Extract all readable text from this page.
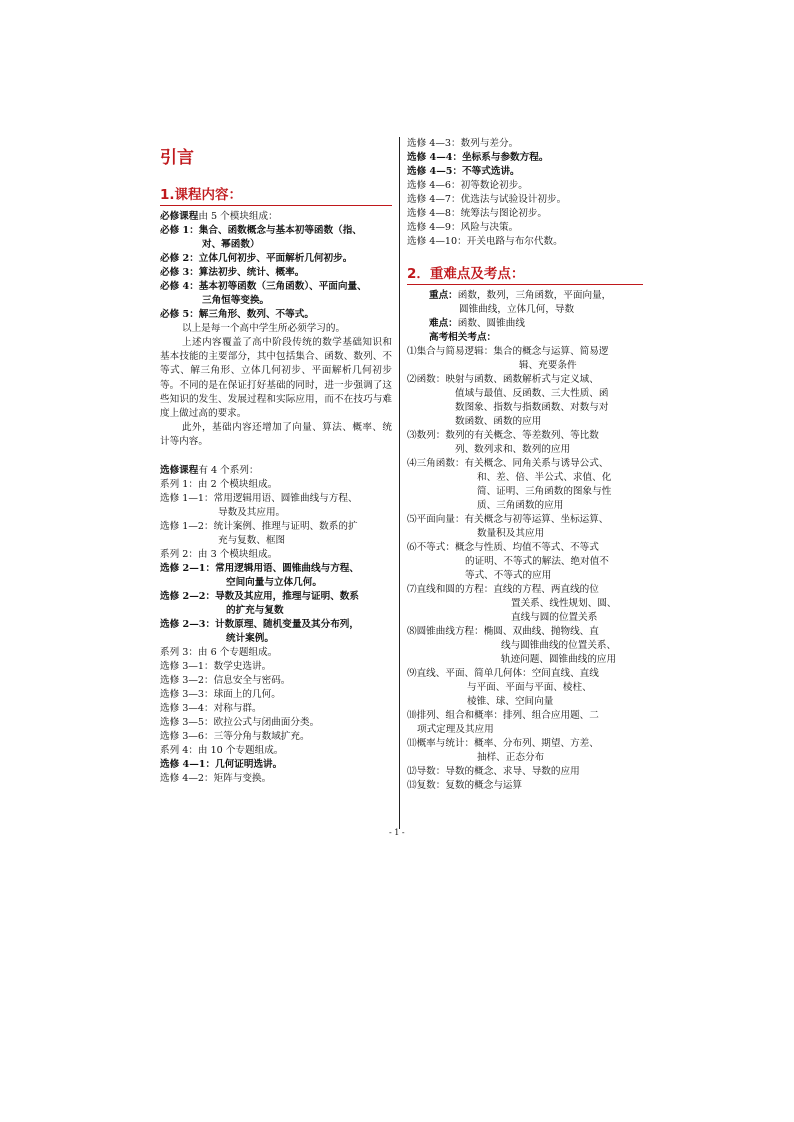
引言
1.课程内容：
必修课程由 5 个模块组成：
必修 1：集合、函数概念与基本初等函数（指、
对、幂函数）
必修 2：立体几何初步、平面解析几何初步。
必修 3：算法初步、统计、概率。
必修 4：基本初等函数（三角函数）、平面向量、
三角恒等变换。
必修 5：解三角形、数列、不等式。
以上是每一个高中学生所必须学习的。
上述内容覆盖了高中阶段传统的数学基础知识和基本技能的主要部分，其中包括集合、函数、数列、不等式、解三角形、立体几何初步、平面解析几何初步等。不同的是在保证打好基础的同时，进一步强调了这些知识的发生、发展过程和实际应用，而不在技巧与难度上做过高的要求。
此外，基础内容还增加了向量、算法、概率、统计等内容。
选修课程有 4 个系列：
系列 1：由 2 个模块组成。
选修 1—1：常用逻辑用语、圆锥曲线与方程、
导数及其应用。
选修 1—2：统计案例、推理与证明、数系的扩
充与复数、框图
系列 2：由 3 个模块组成。
选修 2—1：常用逻辑用语、圆锥曲线与方程、
空间向量与立体几何。
选修 2—2：导数及其应用，推理与证明、数系
的扩充与复数
选修 2—3：计数原理、随机变量及其分布列，
统计案例。
系列 3：由 6 个专题组成。
选修 3—1：数学史选讲。
选修 3—2：信息安全与密码。
选修 3—3：球面上的几何。
选修 3—4：对称与群。
选修 3—5：欧拉公式与闭曲面分类。
选修 3—6：三等分角与数域扩充。
系列 4：由 10 个专题组成。
选修 4—1：几何证明选讲。
选修 4—2：矩阵与变换。
选修 4—3：数列与差分。
选修 4—4：坐标系与参数方程。
选修 4—5：不等式选讲。
选修 4—6：初等数论初步。
选修 4—7：优选法与试验设计初步。
选修 4—8：统筹法与图论初步。
选修 4—9：风险与决策。
选修 4—10：开关电路与布尔代数。
2．重难点及考点：
重点：函数，数列，三角函数，平面向量，
圆锥曲线，立体几何，导数
难点：函数、圆锥曲线
高考相关考点：
⑴集合与简易逻辑：集合的概念与运算、简易逻
辑、充要条件
⑵函数：映射与函数、函数解析式与定义域、
值域与最值、反函数、三大性质、函
数图象、指数与指数函数、对数与对
数函数、函数的应用
⑶数列：数列的有关概念、等差数列、等比数
列、数列求和、数列的应用
⑷三角函数：有关概念、同角关系与诱导公式、
和、差、倍、半公式、求值、化
简、证明、三角函数的图象与性
质、三角函数的应用
⑸平面向量：有关概念与初等运算、坐标运算、
数量积及其应用
⑹不等式：概念与性质、均值不等式、不等式
的证明、不等式的解法、绝对值不
等式、不等式的应用
⑺直线和圆的方程：直线的方程、两直线的位
置关系、线性规划、圆、
直线与圆的位置关系
⑻圆锥曲线方程：椭圆、双曲线、抛物线、直
线与圆锥曲线的位置关系、
轨迹问题、圆锥曲线的应用
⑼直线、平面、简单几何体：空间直线、直线
与平面、平面与平面、棱柱、
棱锥、球、空间向量
⑽排列、组合和概率：排列、组合应用题、二
项式定理及其应用
⑾概率与统计：概率、分布列、期望、方差、
抽样、正态分布
⑿导数：导数的概念、求导、导数的应用
⒀复数：复数的概念与运算
- 1 -
